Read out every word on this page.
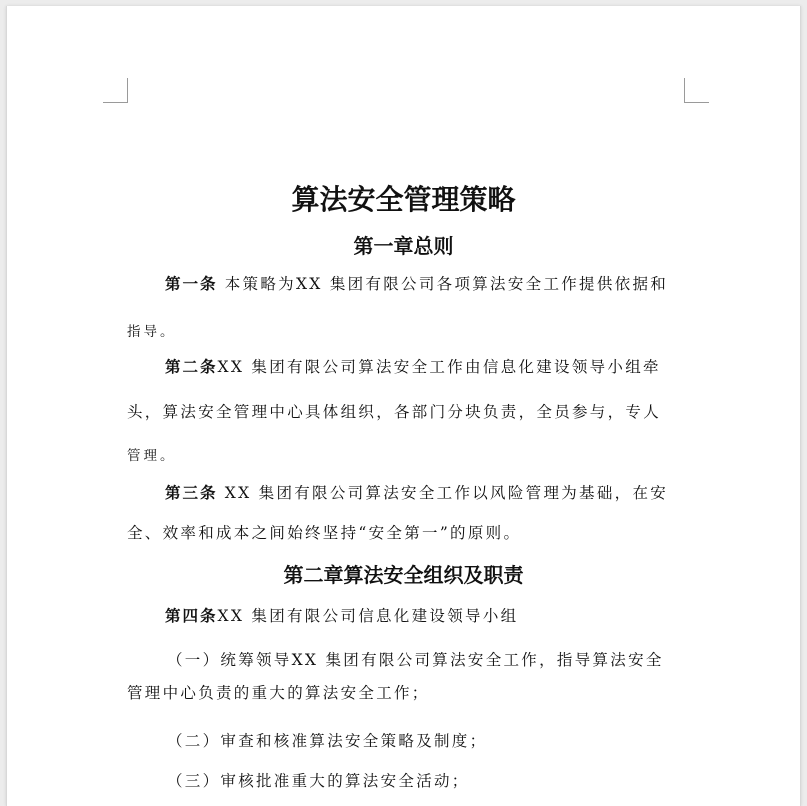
算法安全管理策略
第一章总则
第一条 本策略为XX 集团有限公司各项算法安全工作提供依据和
指导。
第二条XX 集团有限公司算法安全工作由信息化建设领导小组牵
头，算法安全管理中心具体组织，各部门分块负责，全员参与，专人
管理。
第三条 XX 集团有限公司算法安全工作以风险管理为基础，在安
全、效率和成本之间始终坚持“安全第一”的原则。
第二章算法安全组织及职责
第四条XX 集团有限公司信息化建设领导小组
（一）统筹领导XX 集团有限公司算法安全工作，指导算法安全
管理中心负责的重大的算法安全工作；
（二）审查和核准算法安全策略及制度；
（三）审核批准重大的算法安全活动；
